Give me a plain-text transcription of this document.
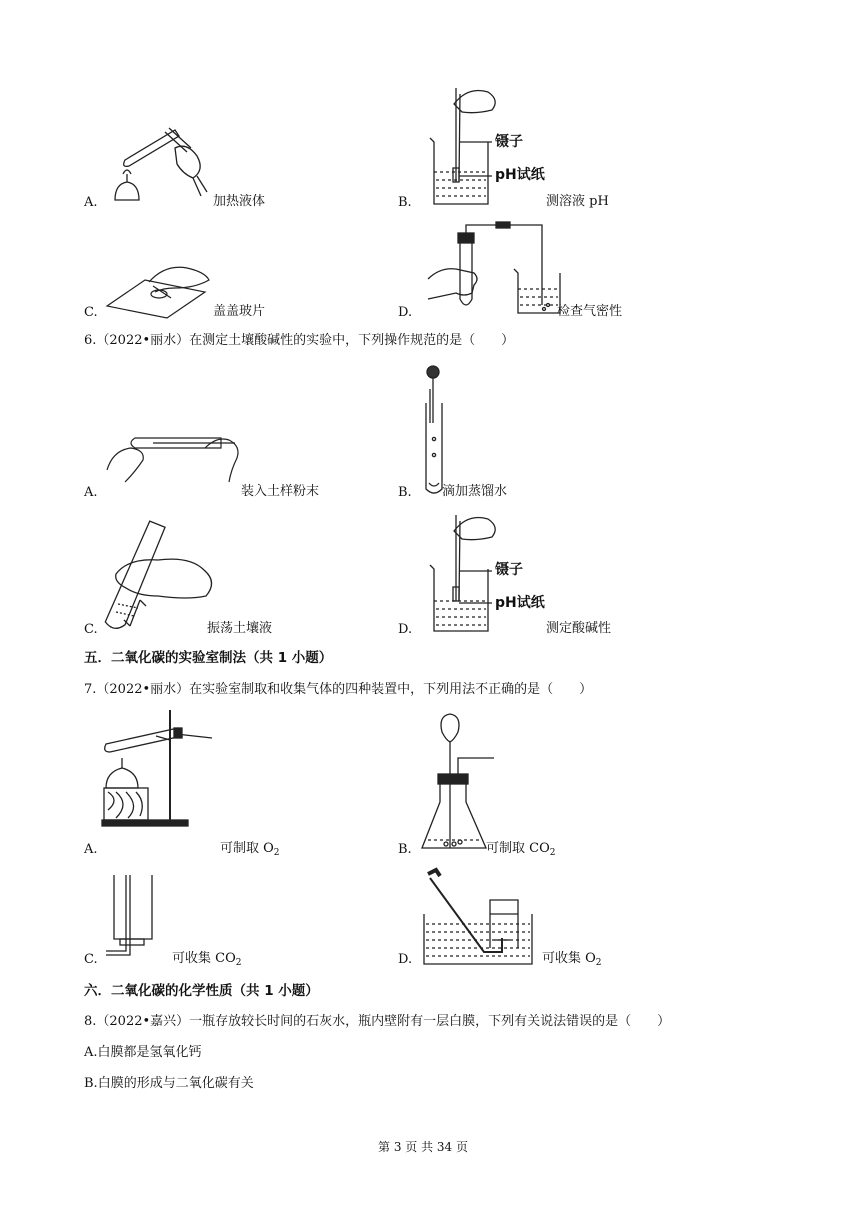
A.	加热液体
镊子
pH试纸
B.	测溶液 pH
C.	盖盖玻片	D.	检查气密性
6.（2022•丽水）在测定土壤酸碱性的实验中，下列操作规范的是（　　）
A.	装入土样粉末	B. 滴加蒸馏水
C.	振荡土壤液
镊子
pH试纸
D.	测定酸碱性
五．二氧化碳的实验室制法（共 1 小题）
7.（2022•丽水）在实验室制取和收集气体的四种装置中，下列用法不正确的是（　　）
A.	可制取 $O_2$	B.	可制取 $CO_2$
C.	可收集 $CO_2$	D.	可收集 $O_2$
六．二氧化碳的化学性质（共 1 小题）
8.（2022•嘉兴）一瓶存放较长时间的石灰水，瓶内壁附有一层白膜，下列有关说法错误的是（　　）
A.白膜都是氢氧化钙
B.白膜的形成与二氧化碳有关
第 3 页 共 34 页
